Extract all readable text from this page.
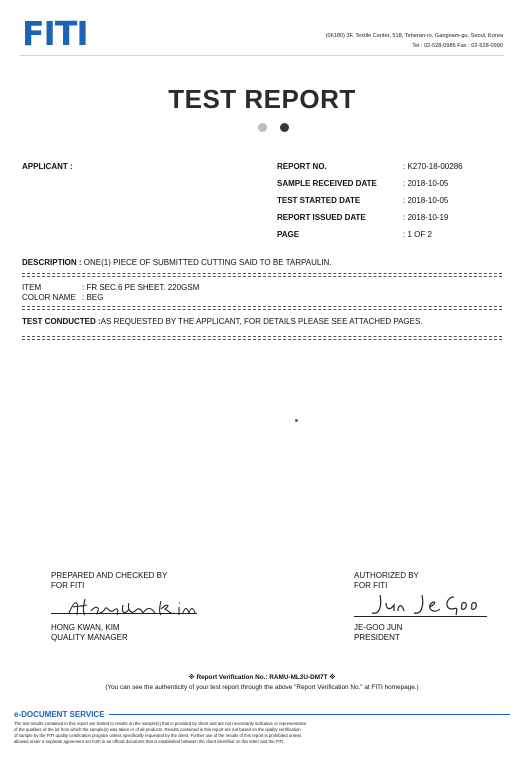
FITI	(06180) 3F, Textile Center, 518, Teheran-ro, Gangnam-gu, Seoul, Korea
Tel : 02-528-0986 Fax : 02-528-0990
TEST REPORT
APPLICANT :	REPORT NO.	: K270-18-00286
SAMPLE RECEIVED DATE	: 2018-10-05
TEST STARTED DATE	: 2018-10-05
REPORT ISSUED DATE	: 2018-10-19
PAGE	: 1 OF 2
DESCRIPTION : ONE(1) PIECE OF SUBMITTED CUTTING SAID TO BE TARPAULIN.
ITEM	: FR SEC.6 PE SHEET. 220GSM
COLOR NAME : BEG
TEST CONDUCTED :AS REQUESTED BY THE APPLICANT, FOR DETAILS PLEASE SEE ATTACHED PAGES.
PREPARED AND CHECKED BY
FOR FITI
HONG KWAN, KIM
QUALITY MANAGER
AUTHORIZED BY
FOR FITI
JE-GOO JUN
PRESIDENT
※ Report Verification No.: RAMU-ML3U-DM7T ※
(You can see the authenticity of your test report through the above "Report Verification No." at FITI homepage.)
e-DOCUMENT SERVICE
The test results contained in this report are limited to results on the sample(s) that is provided by client and are not necessarily indicative or representative
of the qualities of the lot from which the sample(s) was taken or of all products. Results contained in this report are not based on the quality certification
of sample by the FITI quality certification program unless specifically requested by the client. Further use of the results of this report is prohibited unless
allowed under a separate agreement set forth in an official document that is established between the client identified on this letter and the FITI.
